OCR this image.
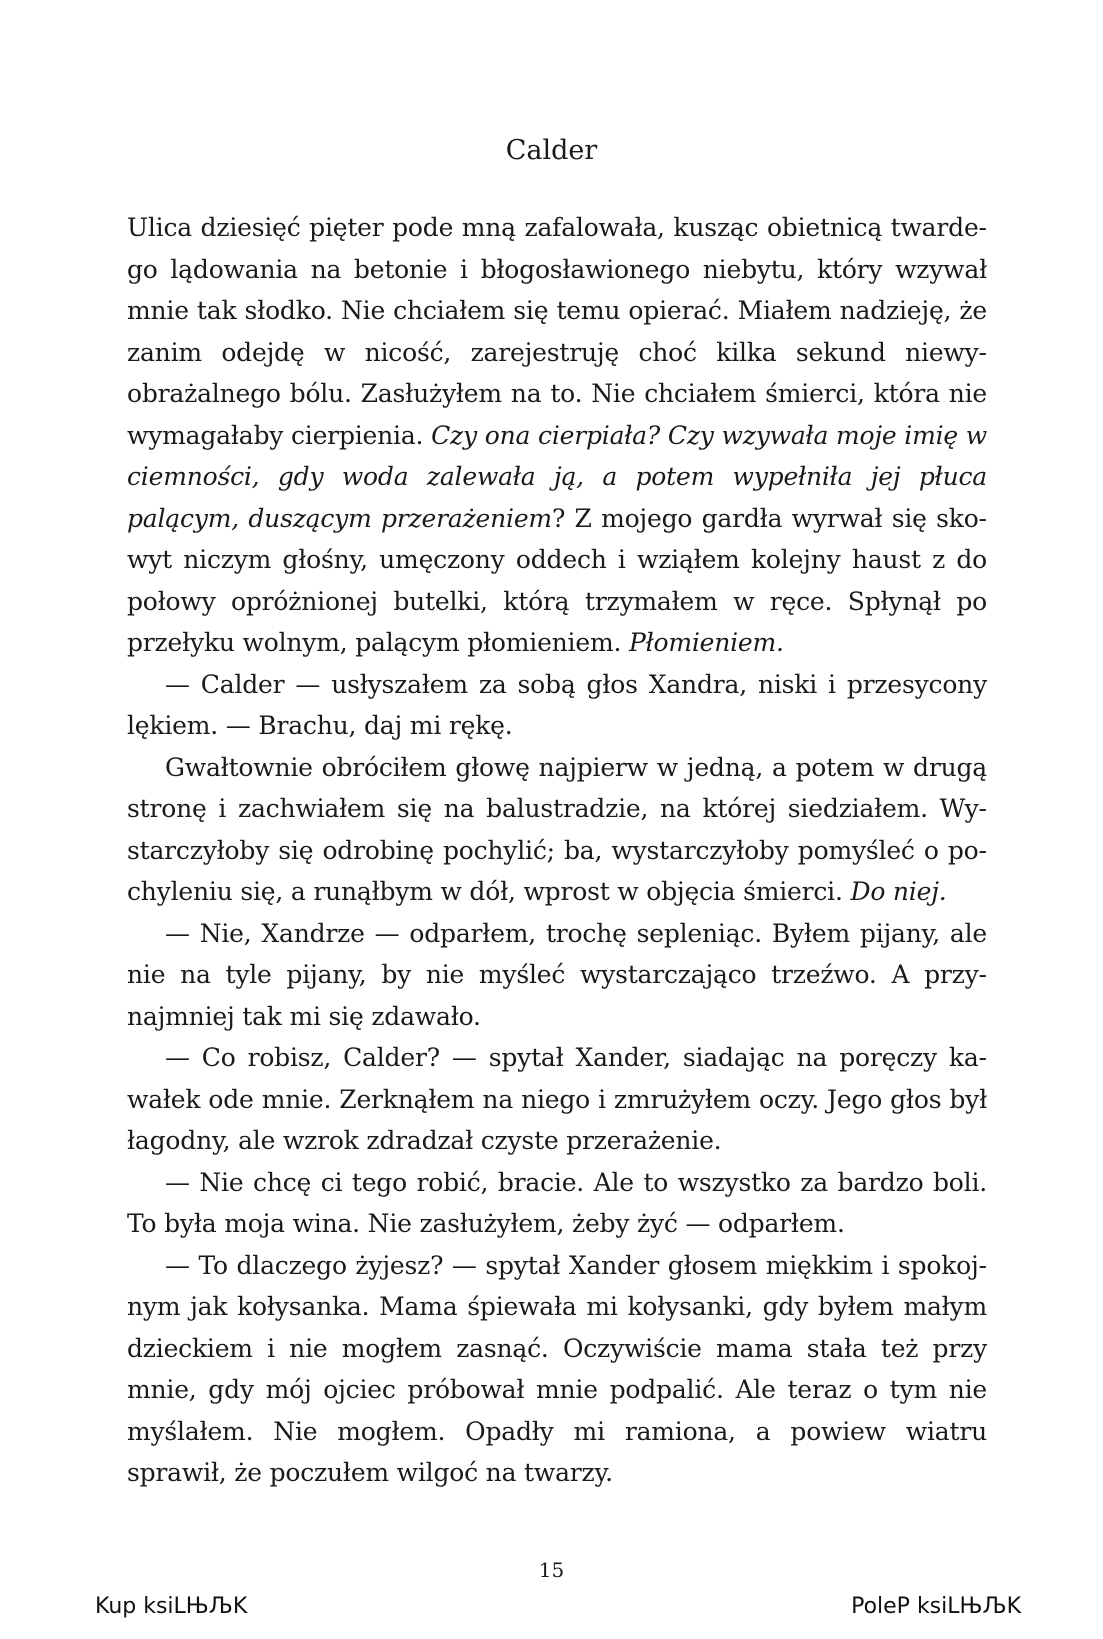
Calder

Ulica dziesięć pięter pode mną zafalowała, kusząc obietnicą twardego lądowania na betonie i błogosławionego niebytu, który wzywał mnie tak słodko. Nie chciałem się temu opierać. Miałem nadzieję, że zanim odejdę w nicość, zarejestruję choć kilka sekund niewyobrażalnego bólu. Zasłużyłem na to. Nie chciałem śmierci, która nie wymagałaby cierpienia. Czy ona cierpiała? Czy wzywała moje imię w ciemności, gdy woda zalewała ją, a potem wypełniła jej płuca palącym, duszącym przerażeniem? Z mojego gardła wyrwał się skowyt niczym głośny, umęczony oddech i wziąłem kolejny haust z do połowy opróżnionej butelki, którą trzymałem w ręce. Spłynął po przełyku wolnym, palącym płomieniem. Płomieniem.

— Calder — usłyszałem za sobą głos Xandra, niski i przesycony lękiem. — Brachu, daj mi rękę.

Gwałtownie obróciłem głowę najpierw w jedną, a potem w drugą stronę i zachwiałem się na balustradzie, na której siedziałem. Wystarczyłoby się odrobinę pochylić; ba, wystarczyłoby pomyśleć o pochyleniu się, a runąłbym w dół, wprost w objęcia śmierci. Do niej.

— Nie, Xandrze — odparłem, trochę sepleniąc. Byłem pijany, ale nie na tyle pijany, by nie myśleć wystarczająco trzeźwo. A przynajmniej tak mi się zdawało.

— Co robisz, Calder? — spytał Xander, siadając na poręczy kawałek ode mnie. Zerknąłem na niego i zmrużyłem oczy. Jego głos był łagodny, ale wzrok zdradzał czyste przerażenie.

— Nie chcę ci tego robić, bracie. Ale to wszystko za bardzo boli. To była moja wina. Nie zasłużyłem, żeby żyć — odparłem.

— To dlaczego żyjesz? — spytał Xander głosem miękkim i spokojnym jak kołysanka. Mama śpiewała mi kołysanki, gdy byłem małym dzieckiem i nie mogłem zasnąć. Oczywiście mama stała też przy mnie, gdy mój ojciec próbował mnie podpalić. Ale teraz o tym nie myślałem. Nie mogłem. Opadły mi ramiona, a powiew wiatru sprawił, że poczułem wilgoć na twarzy.

15
Kup ksiLЊЉK	PoleP ksiLЊЉK
